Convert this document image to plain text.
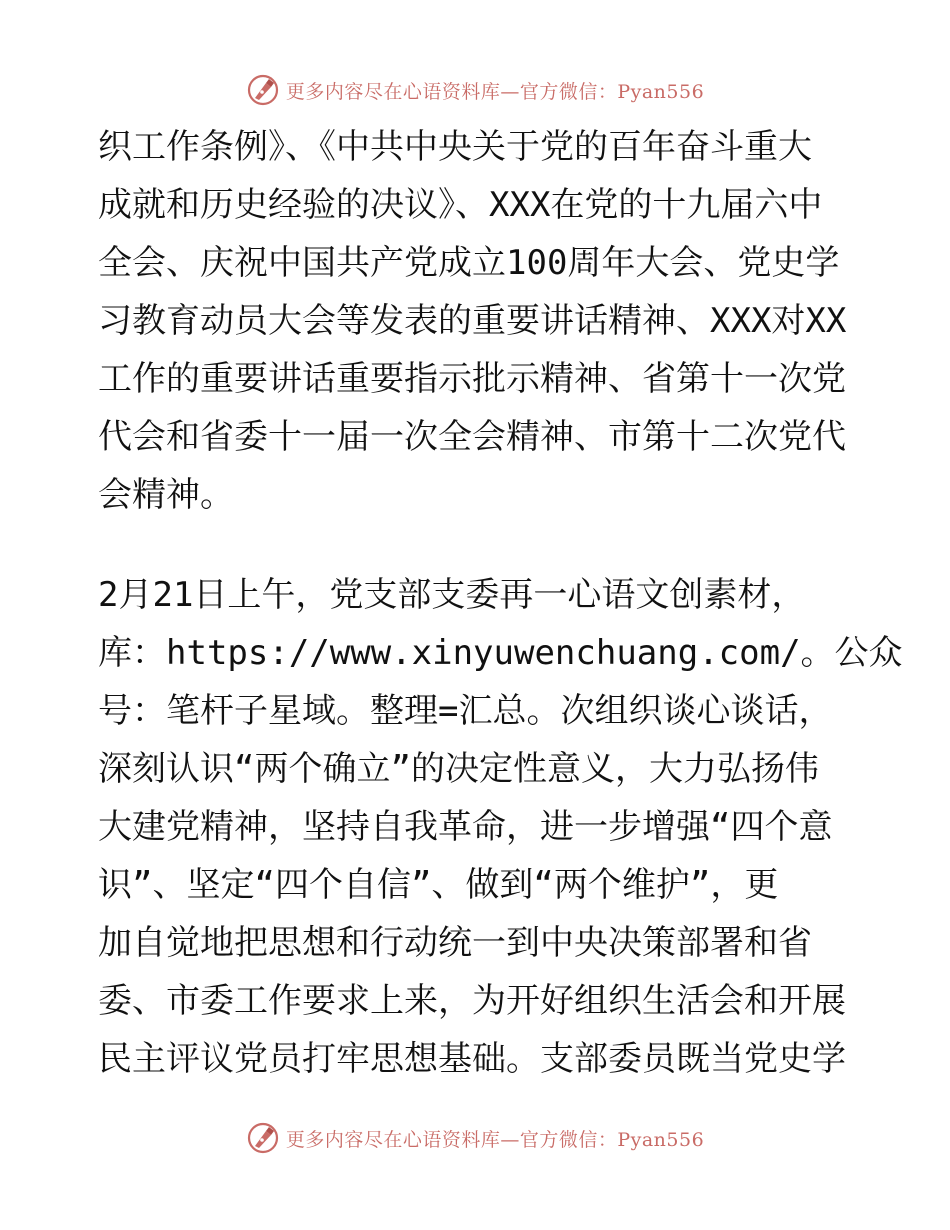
更多内容尽在心语资料库—官方微信：Pyan556
织工作条例》、《中共中央关于党的百年奋斗重大
成就和历史经验的决议》、XXX在党的十九届六中
全会、庆祝中国共产党成立100周年大会、党史学
习教育动员大会等发表的重要讲话精神、XXX对XX
工作的重要讲话重要指示批示精神、省第十一次党
代会和省委十一届一次全会精神、市第十二次党代
会精神。
2月21日上午，党支部支委再一心语文创素材，
库：https://www.xinyuwenchuang.com/。公众
号：笔杆子星域。整理=汇总。次组织谈心谈话，
深刻认识“两个确立”的决定性意义，大力弘扬伟
大建党精神，坚持自我革命，进一步增强“四个意
识”、坚定“四个自信”、做到“两个维护”，更
加自觉地把思想和行动统一到中央决策部署和省
委、市委工作要求上来，为开好组织生活会和开展
民主评议党员打牢思想基础。支部委员既当党史学
更多内容尽在心语资料库—官方微信：Pyan556
